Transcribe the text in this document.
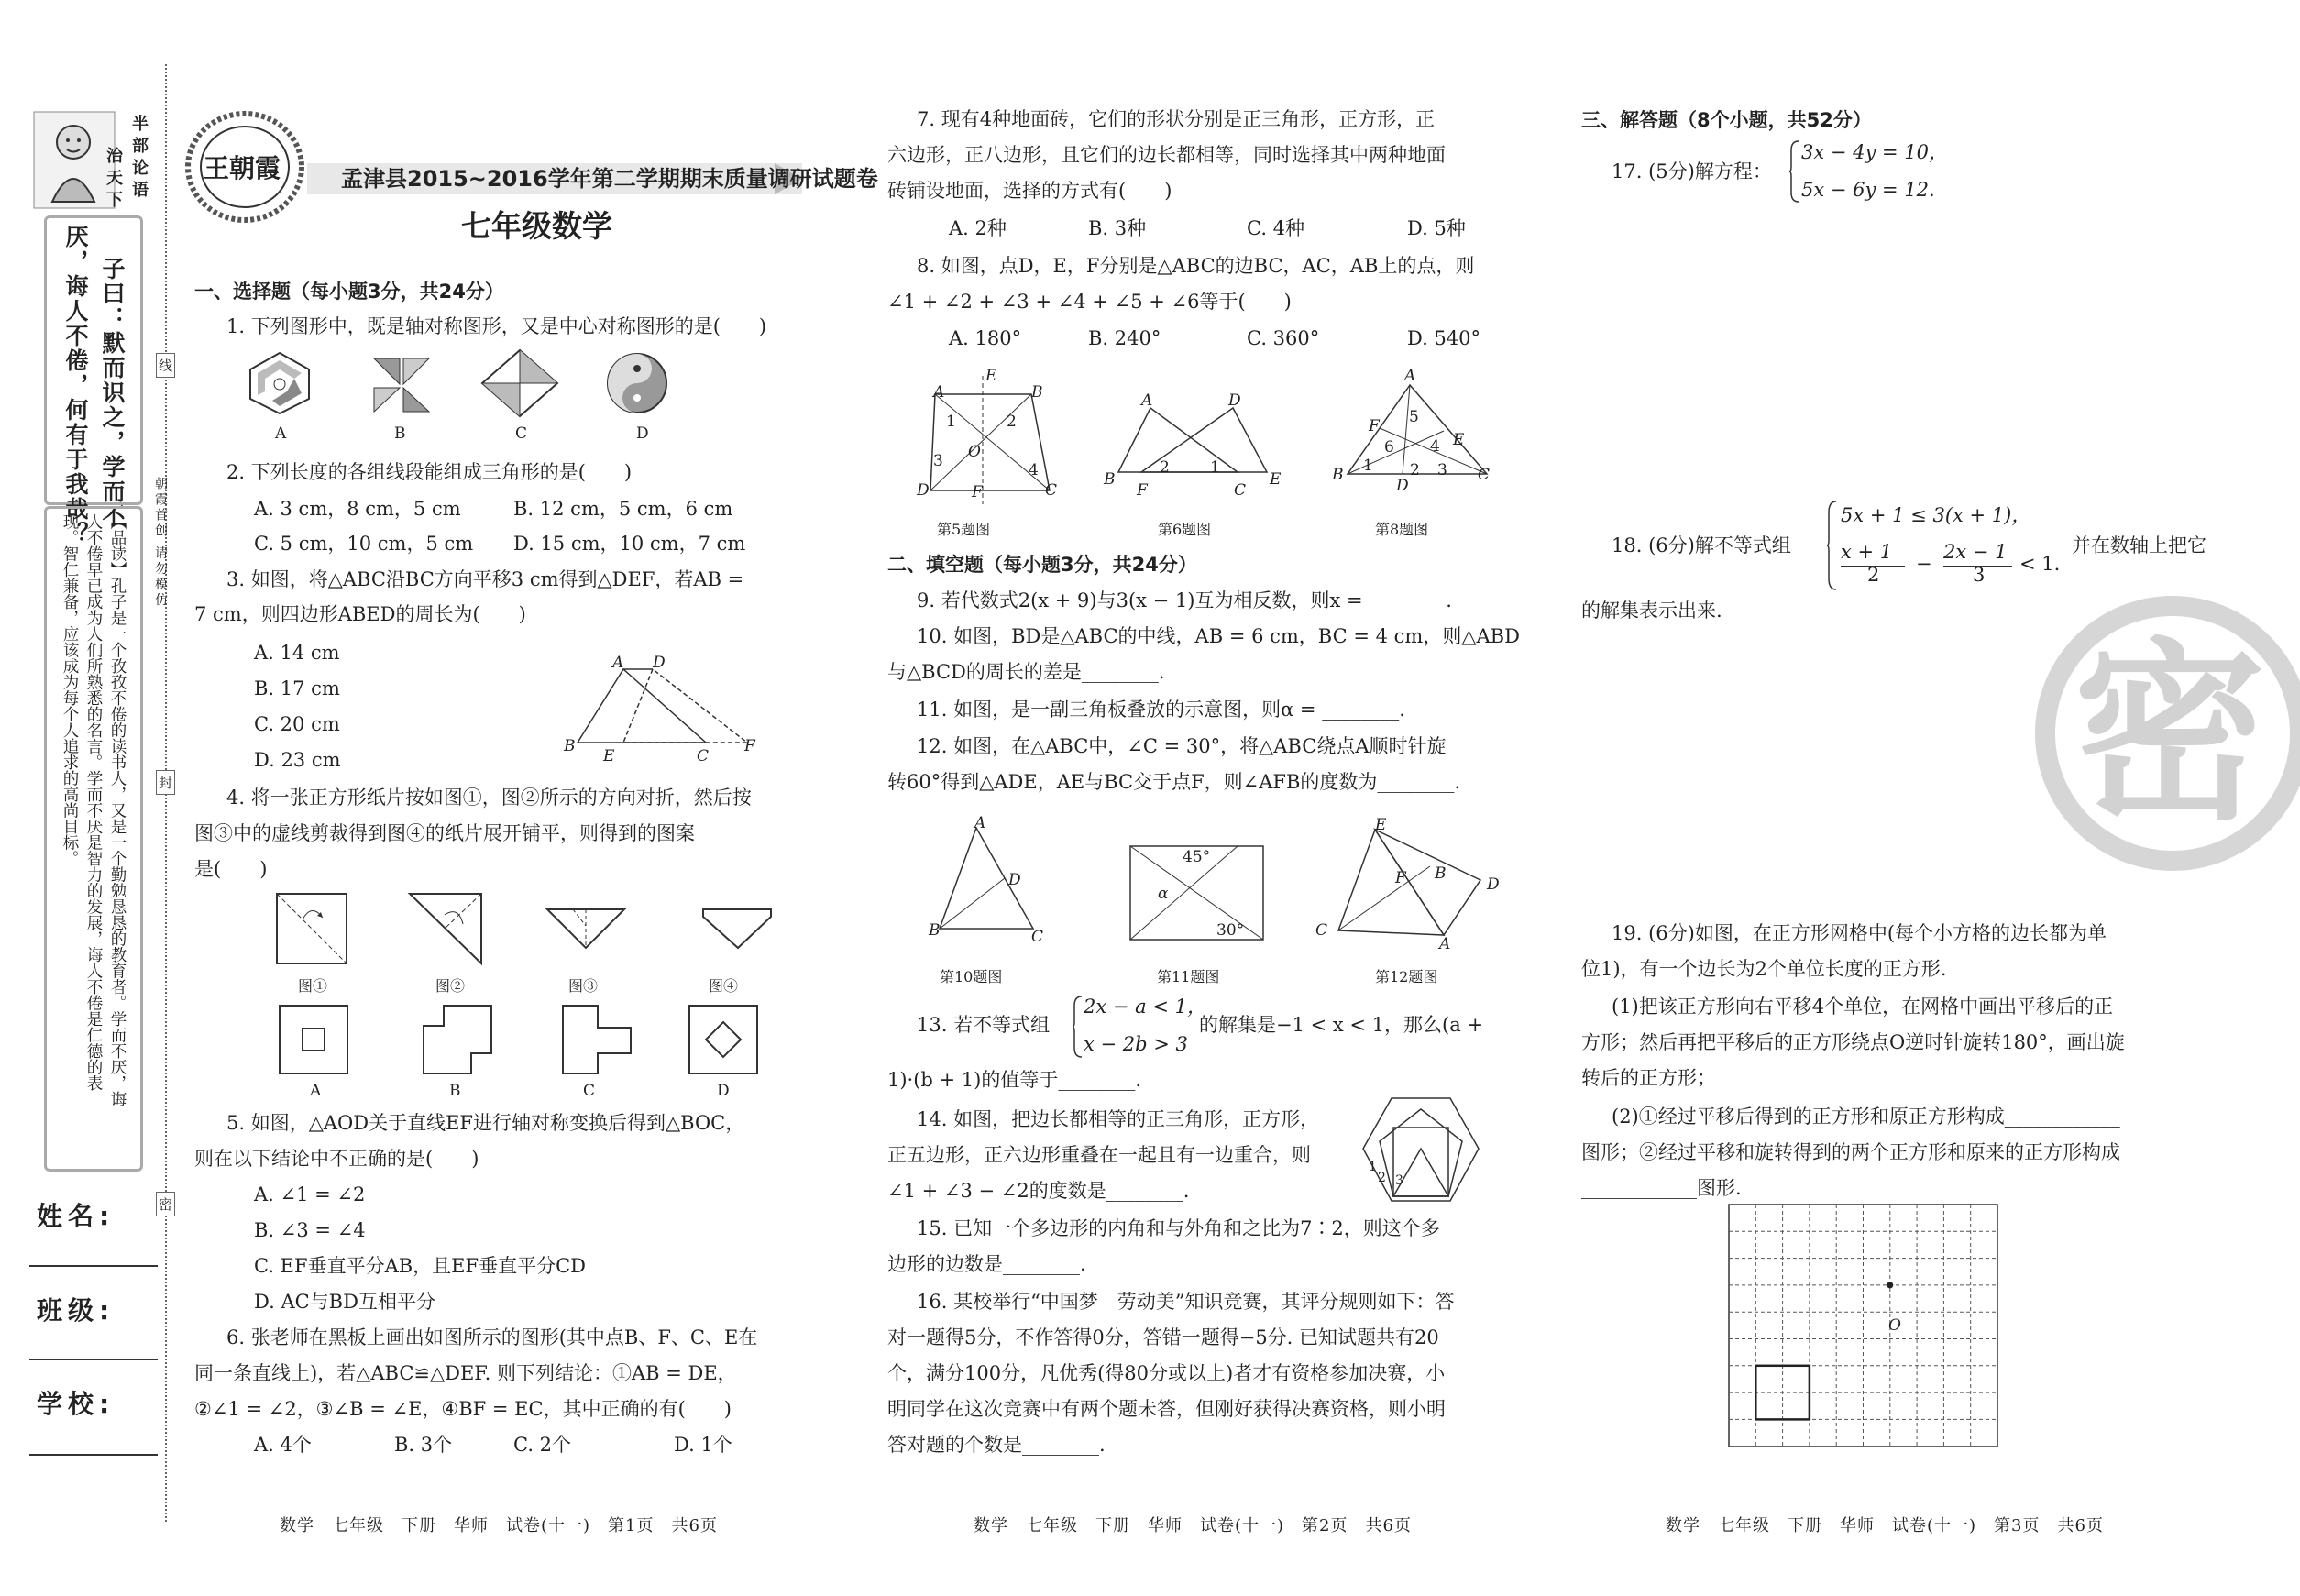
半部论语
治天下
子曰：默而识之，学而不
厌，诲人不倦，何有于我哉？
【品读】孔子是一个孜孜不倦的读书人，又是一个勤勉恳恳的教育者。学而不厌，诲
人不倦早已成为人们所熟悉的名言。学而不厌是智力的发展，诲人不倦是仁德的表
现。智仁兼备，应该成为每个人追求的高尚目标。
姓名:
班级:
学校:
线
封
密
朝霞首创 请勿模仿
王朝霞	孟津县2015~2016学年第二学期期末质量调研试题卷
七年级数学
一、选择题（每小题3分，共24分）
1. 下列图形中，既是轴对称图形，又是中心对称图形的是(　　)
A	B	C	D
2. 下列长度的各组线段能组成三角形的是(　　)
A. 3 cm，8 cm，5 cm	B. 12 cm，5 cm，6 cm
C. 5 cm，10 cm，5 cm D. 15 cm，10 cm，7 cm
3. 如图，将△ABC沿BC方向平移3 cm得到△DEF，若AB =
7 cm，则四边形ABED的周长为(　　)
A. 14 cm
B. 17 cm
C. 20 cm
D. 23 cm
A D
B
E	C
F
4. 将一张正方形纸片按如图①，图②所示的方向对折，然后按
图③中的虚线剪裁得到图④的纸片展开铺平，则得到的图案
是(　　)
图①	图②	图③	图④
A	B	C	D
5. 如图，△AOD关于直线EF进行轴对称变换后得到△BOC，
则在以下结论中不正确的是(　　)
A. ∠1 = ∠2
B. ∠3 = ∠4
C. EF垂直平分AB，且EF垂直平分CD
D. AC与BD互相平分
6. 张老师在黑板上画出如图所示的图形(其中点B、F、C、E在
同一条直线上)，若△ABC≌△DEF. 则下列结论：①AB = DE，
②∠1 = ∠2，③∠B = ∠E，④BF = EC，其中正确的有(　　)
A. 4个	B. 3个	C. 2个	D. 1个
数学　七年级　下册　华师　试卷(十一)　第1页　共6页
7. 现有4种地面砖，它们的形状分别是正三角形，正方形，正
六边形，正八边形，且它们的边长都相等，同时选择其中两种地面
砖铺设地面，选择的方式有(　　)
A. 2种	B. 3种	C. 4种	D. 5种
8. 如图，点D，E，F分别是△ABC的边BC，AC，AB上的点，则
∠1 + ∠2 + ∠3 + ∠4 + ∠5 + ∠6等于(　　)
A. 180°	B. 240°	C. 360°	D. 540°
A
E
B
1	2
O
3	4
D	F	C
A	D
B
F
2	1
C
E
A
5
F
E
6 4
B 1 2 3
D
C
第5题图	第6题图	第8题图
二、填空题（每小题3分，共24分）
9. 若代数式2(x + 9)与3(x − 1)互为相反数，则x = ________.
10. 如图，BD是△ABC的中线，AB = 6 cm，BC = 4 cm，则△ABD
与△BCD的周长的差是________.
11. 如图，是一副三角板叠放的示意图，则α = ________.
12. 如图，在△ABC中，∠C = 30°，将△ABC绕点A顺时针旋
转60°得到△ADE，AE与BC交于点F，则∠AFB的度数为________.
A
D
B	C
45°
α
30°
E
F B
D
C
A
第10题图	第11题图	第12题图
13. 若不等式组
2x − a < 1，
x − 2b > 3
的解集是−1 < x < 1，那么(a +
1)·(b + 1)的值等于________.
14. 如图，把边长都相等的正三角形，正方形，
正五边形，正六边形重叠在一起且有一边重合，则
∠1 + ∠3 − ∠2的度数是________.
1
2 3
15. 已知一个多边形的内角和与外角和之比为7∶2，则这个多
边形的边数是________.
16. 某校举行“中国梦　劳动美”知识竞赛，其评分规则如下：答
对一题得5分，不作答得0分，答错一题得−5分. 已知试题共有20
个，满分100分，凡优秀(得80分或以上)者才有资格参加决赛，小
明同学在这次竞赛中有两个题未答，但刚好获得决赛资格，则小明
答对题的个数是________.
数学　七年级　下册　华师　试卷(十一)　第2页　共6页
密
三、解答题（8个小题，共52分）
17. (5分)解方程：
3x − 4y = 10，
5x − 6y = 12.
18. (6分)解不等式组
5x + 1 ≤ 3(x + 1)，
x + 1
2 −
2x − 1
3 < 1.
并在数轴上把它
的解集表示出来.
19. (6分)如图，在正方形网格中(每个小方格的边长都为单
位1)，有一个边长为2个单位长度的正方形.
(1)把该正方形向右平移4个单位，在网格中画出平移后的正
方形；然后再把平移后的正方形绕点O逆时针旋转180°，画出旋
转后的正方形；
(2)①经过平移后得到的正方形和原正方形构成____________
图形；②经过平移和旋转得到的两个正方形和原来的正方形构成
____________图形.
O
数学　七年级　下册　华师　试卷(十一)　第3页　共6页
